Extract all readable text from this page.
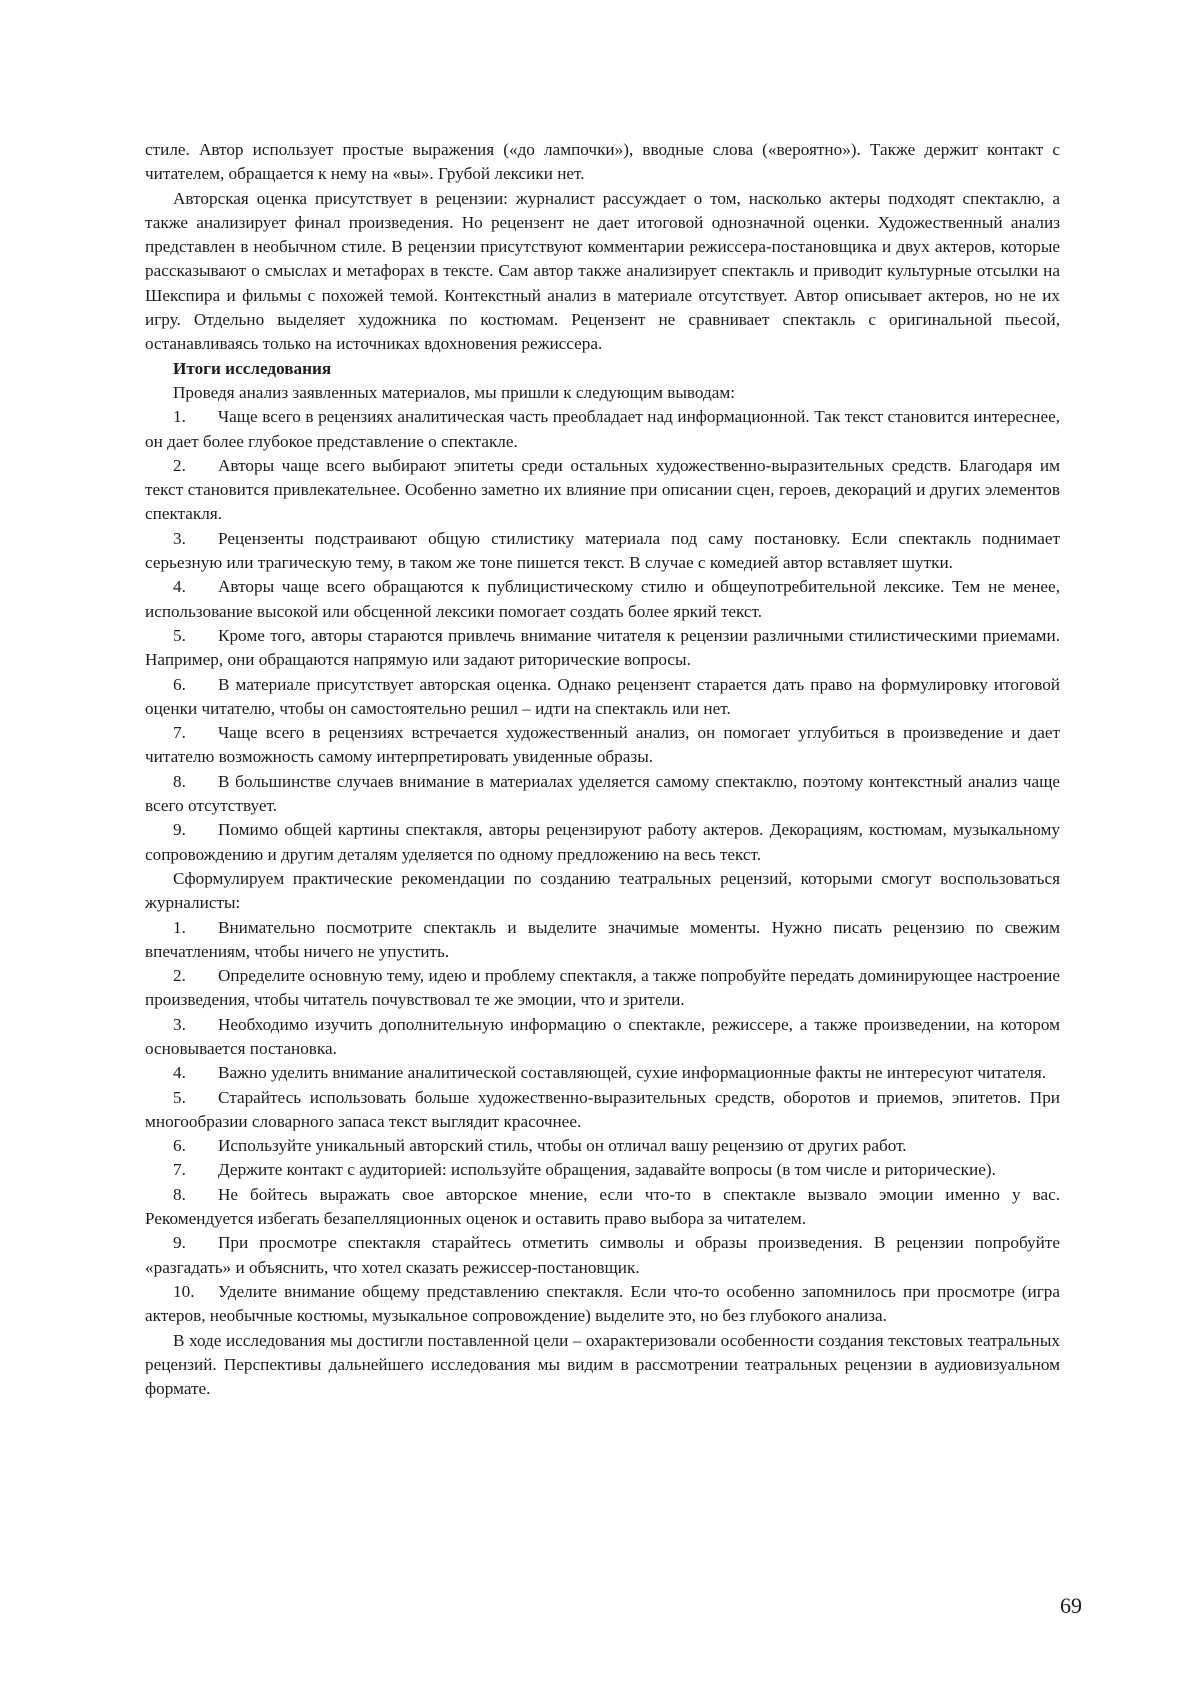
стиле. Автор использует простые выражения («до лампочки»), вводные слова («вероятно»). Также держит контакт с читателем, обращается к нему на «вы». Грубой лексики нет.

Авторская оценка присутствует в рецензии: журналист рассуждает о том, насколько актеры подходят спектаклю, а также анализирует финал произведения. Но рецензент не дает итоговой однозначной оценки. Художественный анализ представлен в необычном стиле. В рецензии присутствуют комментарии режиссера-постановщика и двух актеров, которые рассказывают о смыслах и метафорах в тексте. Сам автор также анализирует спектакль и приводит культурные отсылки на Шекспира и фильмы с похожей темой. Контекстный анализ в материале отсутствует. Автор описывает актеров, но не их игру. Отдельно выделяет художника по костюмам. Рецензент не сравнивает спектакль с оригинальной пьесой, останавливаясь только на источниках вдохновения режиссера.

Итоги исследования

Проведя анализ заявленных материалов, мы пришли к следующим выводам:

1. Чаще всего в рецензиях аналитическая часть преобладает над информационной. Так текст становится интереснее, он дает более глубокое представление о спектакле.

2. Авторы чаще всего выбирают эпитеты среди остальных художественно-выразительных средств. Благодаря им текст становится привлекательнее. Особенно заметно их влияние при описании сцен, героев, декораций и других элементов спектакля.

3. Рецензенты подстраивают общую стилистику материала под саму постановку. Если спектакль поднимает серьезную или трагическую тему, в таком же тоне пишется текст. В случае с комедией автор вставляет шутки.

4. Авторы чаще всего обращаются к публицистическому стилю и общеупотребительной лексике. Тем не менее, использование высокой или обсценной лексики помогает создать более яркий текст.

5. Кроме того, авторы стараются привлечь внимание читателя к рецензии различными стилистическими приемами. Например, они обращаются напрямую или задают риторические вопросы.

6. В материале присутствует авторская оценка. Однако рецензент старается дать право на формулировку итоговой оценки читателю, чтобы он самостоятельно решил – идти на спектакль или нет.

7. Чаще всего в рецензиях встречается художественный анализ, он помогает углубиться в произведение и дает читателю возможность самому интерпретировать увиденные образы.

8. В большинстве случаев внимание в материалах уделяется самому спектаклю, поэтому контекстный анализ чаще всего отсутствует.

9. Помимо общей картины спектакля, авторы рецензируют работу актеров. Декорациям, костюмам, музыкальному сопровождению и другим деталям уделяется по одному предложению на весь текст.

Сформулируем практические рекомендации по созданию театральных рецензий, которыми смогут воспользоваться журналисты:

1. Внимательно посмотрите спектакль и выделите значимые моменты. Нужно писать рецензию по свежим впечатлениям, чтобы ничего не упустить.

2. Определите основную тему, идею и проблему спектакля, а также попробуйте передать доминирующее настроение произведения, чтобы читатель почувствовал те же эмоции, что и зрители.

3. Необходимо изучить дополнительную информацию о спектакле, режиссере, а также произведении, на котором основывается постановка.

4. Важно уделить внимание аналитической составляющей, сухие информационные факты не интересуют читателя.

5. Старайтесь использовать больше художественно-выразительных средств, оборотов и приемов, эпитетов. При многообразии словарного запаса текст выглядит красочнее.

6. Используйте уникальный авторский стиль, чтобы он отличал вашу рецензию от других работ.

7. Держите контакт с аудиторией: используйте обращения, задавайте вопросы (в том числе и риторические).

8. Не бойтесь выражать свое авторское мнение, если что-то в спектакле вызвало эмоции именно у вас. Рекомендуется избегать безапелляционных оценок и оставить право выбора за читателем.

9. При просмотре спектакля старайтесь отметить символы и образы произведения. В рецензии попробуйте «разгадать» и объяснить, что хотел сказать режиссер-постановщик.

10. Уделите внимание общему представлению спектакля. Если что-то особенно запомнилось при просмотре (игра актеров, необычные костюмы, музыкальное сопровождение) выделите это, но без глубокого анализа.

В ходе исследования мы достигли поставленной цели – охарактеризовали особенности создания текстовых театральных рецензий. Перспективы дальнейшего исследования мы видим в рассмотрении театральных рецензии в аудиовизуальном формате.

69
